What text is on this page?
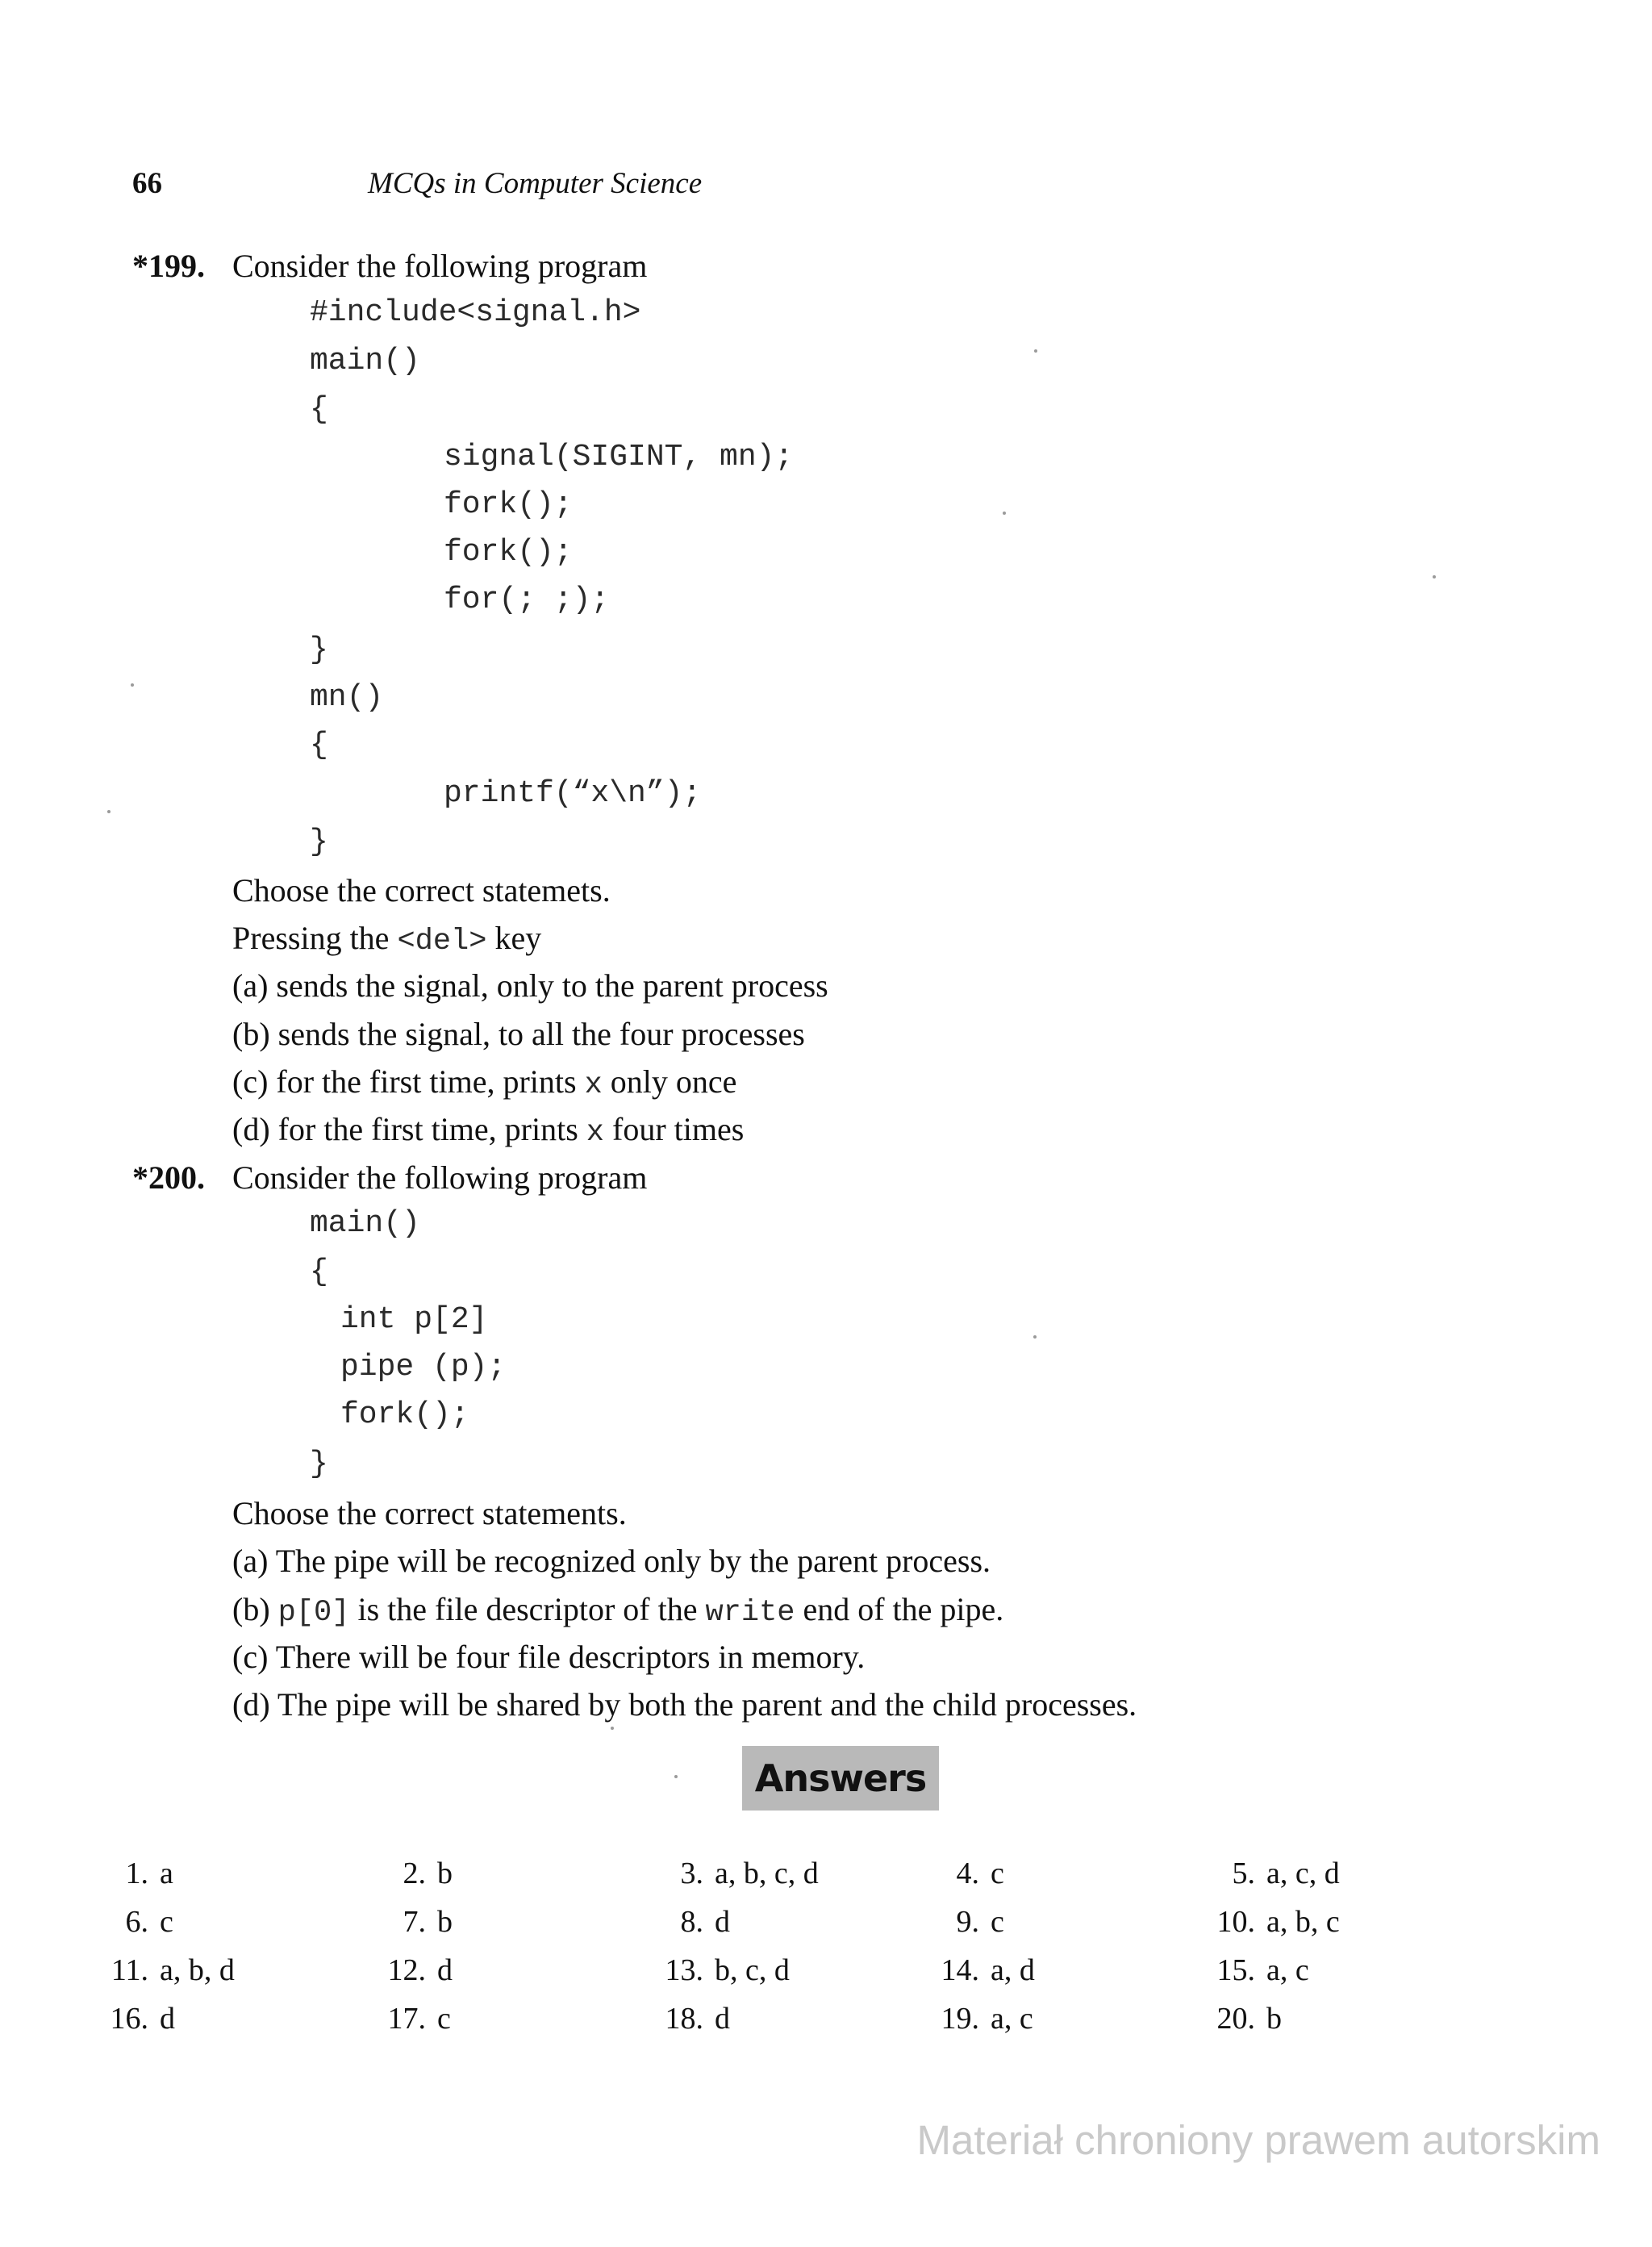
66	MCQs in Computer Science
*199. Consider the following program
#include<signal.h>
main()
{
signal(SIGINT, mn);
fork();
fork();
for(; ;);
}
mn()
{
printf(“x\n”);
}
Choose the correct statemets.
Pressing the <del> key
(a) sends the signal, only to the parent process
(b) sends the signal, to all the four processes
(c) for the first time, prints x only once
(d) for the first time, prints x four times
*200. Consider the following program
main()
{
int p[2]
pipe (p);
fork();
}
Choose the correct statements.
(a) The pipe will be recognized only by the parent process.
(b) p[0] is the file descriptor of the write end of the pipe.
(c) There will be four file descriptors in memory.
(d) The pipe will be shared by both the parent and the child processes.
Answers
1. a	2. b	3. a, b, c, d	4. c	5. a, c, d
6. c	7. b	8. d	9. c	10. a, b, c
11. a, b, d	12. d	13. b, c, d	14. a, d	15. a, c
16. d	17. c	18. d	19. a, c	20. b
Materiał chroniony prawem autorskim
